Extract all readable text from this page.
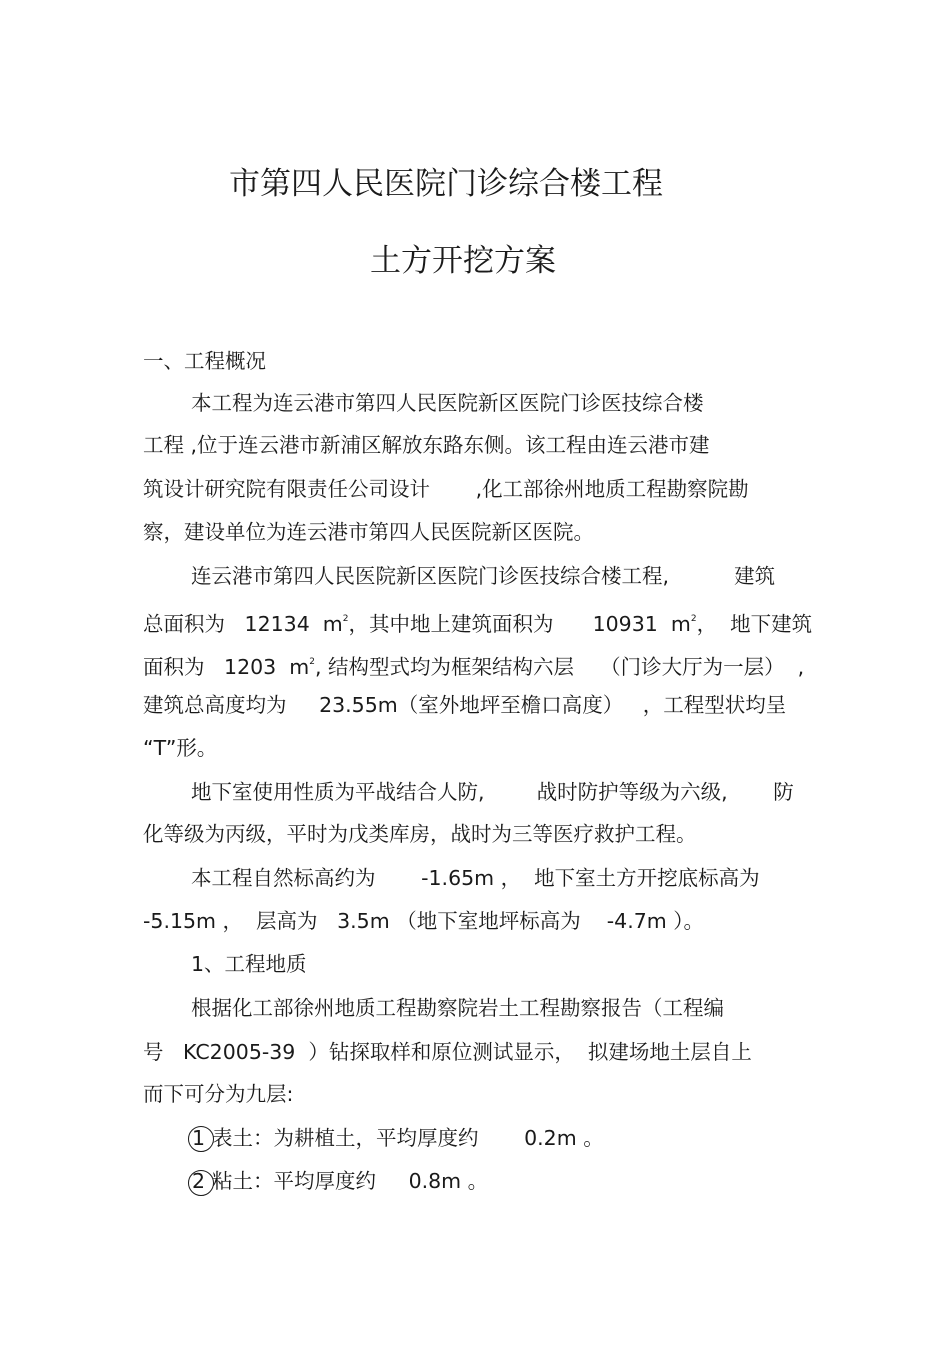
市第四人民医院门诊综合楼工程
土方开挖方案
一、工程概况
本工程为连云港市第四人民医院新区医院门诊医技综合楼
工程 ,位于连云港市新浦区解放东路东侧。该工程由连云港市建
筑设计研究院有限责任公司设计       ,化工部徐州地质工程勘察院勘
察，建设单位为连云港市第四人民医院新区医院。
连云港市第四人民医院新区医院门诊医技综合楼工程,          建筑
总面积为   12134  $m^2$，其中地上建筑面积为      10931  $m^2$，  地下建筑
面积为   1203  $m^2$, 结构型式均为框架结构六层    （门诊大厅为一层）  ,
建筑总高度均为     23.55m（室外地坪至檐口高度）   ，工程型状均呈
“T”形。
地下室使用性质为平战结合人防,        战时防护等级为六级,       防
化等级为丙级，平时为戊类库房，战时为三等医疗救护工程。
本工程自然标高约为       -1.65m ，  地下室土方开挖底标高为
-5.15m ，  层高为   3.5m （地下室地坪标高为    -4.7m ）。
1、工程地质
根据化工部徐州地质工程勘察院岩土工程勘察报告（工程编
号   KC2005-39  ）钻探取样和原位测试显示，  拟建场地土层自上
而下可分为九层:
1 表土：为耕植土，平均厚度约       0.2m 。
2 粘土：平均厚度约     0.8m 。
